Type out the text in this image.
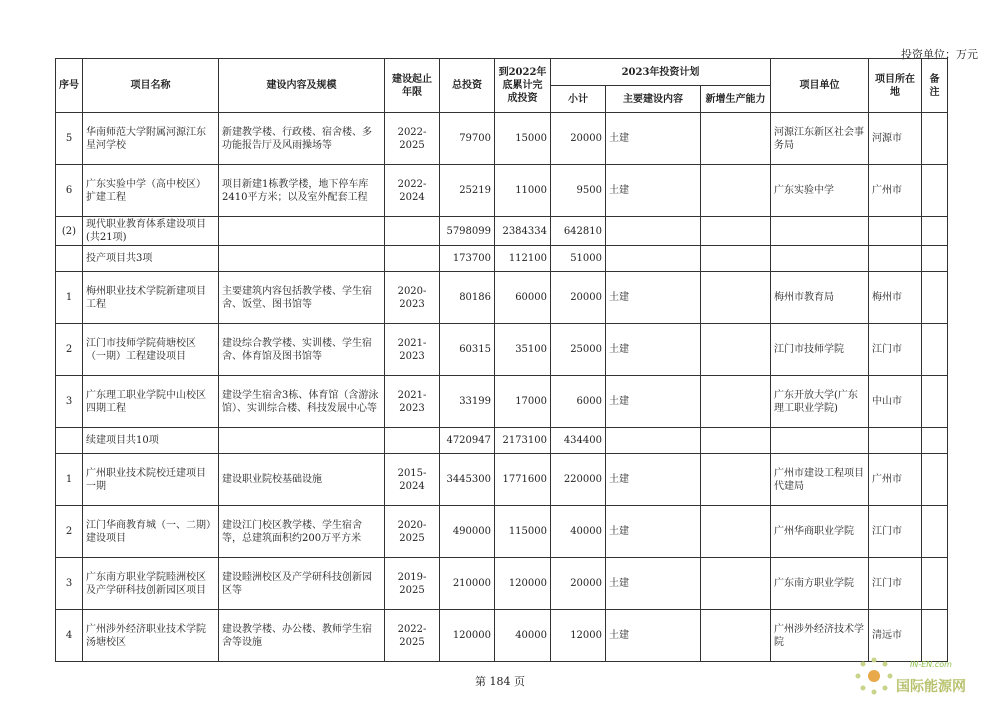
投资单位：万元
序号	项目名称	建设内容及规模	建设起止年限	总投资	到2022年底累计完成投资	2023年投资计划			项目单位	项目所在地	备注
						小计	主要建设内容	新增生产能力			
5	华南师范大学附属河源江东星河学校	新建教学楼、行政楼、宿舍楼、多功能报告厅及风雨操场等	2022-2025	79700	15000	20000	土建		河源江东新区社会事务局	河源市	
6	广东实验中学（高中校区）扩建工程	项目新建1栋教学楼，地下停车库2410平方米；以及室外配套工程	2022-2024	25219	11000	9500	土建		广东实验中学	广州市	
(2)	现代职业教育体系建设项目(共21项)			5798099	2384334	642810					
	投产项目共3项			173700	112100	51000					
1	梅州职业技术学院新建项目工程	主要建筑内容包括教学楼、学生宿舍、饭堂、图书馆等	2020-2023	80186	60000	20000	土建		梅州市教育局	梅州市	
2	江门市技师学院荷塘校区（一期）工程建设项目	建设综合教学楼、实训楼、学生宿舍、体育馆及图书馆等	2021-2023	60315	35100	25000	土建		江门市技师学院	江门市	
3	广东理工职业学院中山校区四期工程	建设学生宿舍3栋、体育馆（含游泳馆）、实训综合楼、科技发展中心等	2021-2023	33199	17000	6000	土建		广东开放大学(广东理工职业学院)	中山市	
	续建项目共10项			4720947	2173100	434400					
1	广州职业技术院校迁建项目一期	建设职业院校基础设施	2015-2024	3445300	1771600	220000	土建		广州市建设工程项目代建局	广州市	
2	江门华商教育城（一、二期）建设项目	建设江门校区教学楼、学生宿舍等，总建筑面积约200万平方米	2020-2025	490000	115000	40000	土建		广州华商职业学院	江门市	
3	广东南方职业学院睦洲校区及产学研科技创新园区项目	建设睦洲校区及产学研科技创新园区等	2019-2025	210000	120000	20000	土建		广东南方职业学院	江门市	
4	广州涉外经济职业技术学院汤塘校区	建设教学楼、办公楼、教师学生宿舍等设施	2022-2025	120000	40000	12000	土建		广州涉外经济技术学院	清远市	
第 184 页
IN-EN.com
国际能源网
